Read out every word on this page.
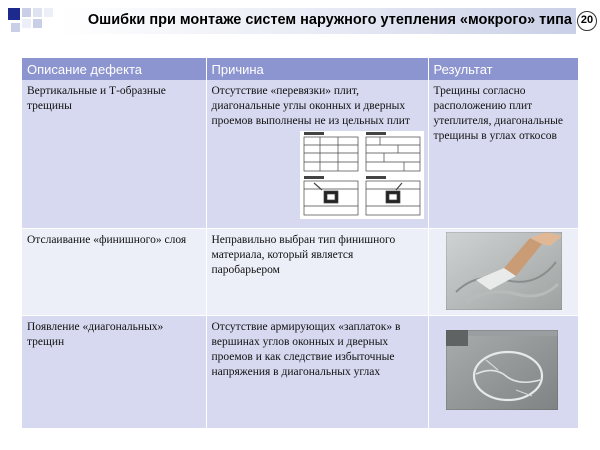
Ошибки при монтаже систем наружного утепления «мокрого» типа 20
Описание дефекта	Причина	Результат
Вертикальные и Т-образные трещины	Отсутствие «перевязки» плит, диагональные углы оконных и дверных проемов выполнены не из цельных плит	Трещины согласно расположению плит утеплителя, диагональные трещины в углах откосов
Отслаивание «финишного» слоя	Неправильно выбран тип финишного материала, который является паробарьером	

Появление «диагональных» трещин	Отсутствие армирующих «заплаток» в вершинах углов оконных и дверных проемов и как следствие избыточные напряжения в диагональных углах	
